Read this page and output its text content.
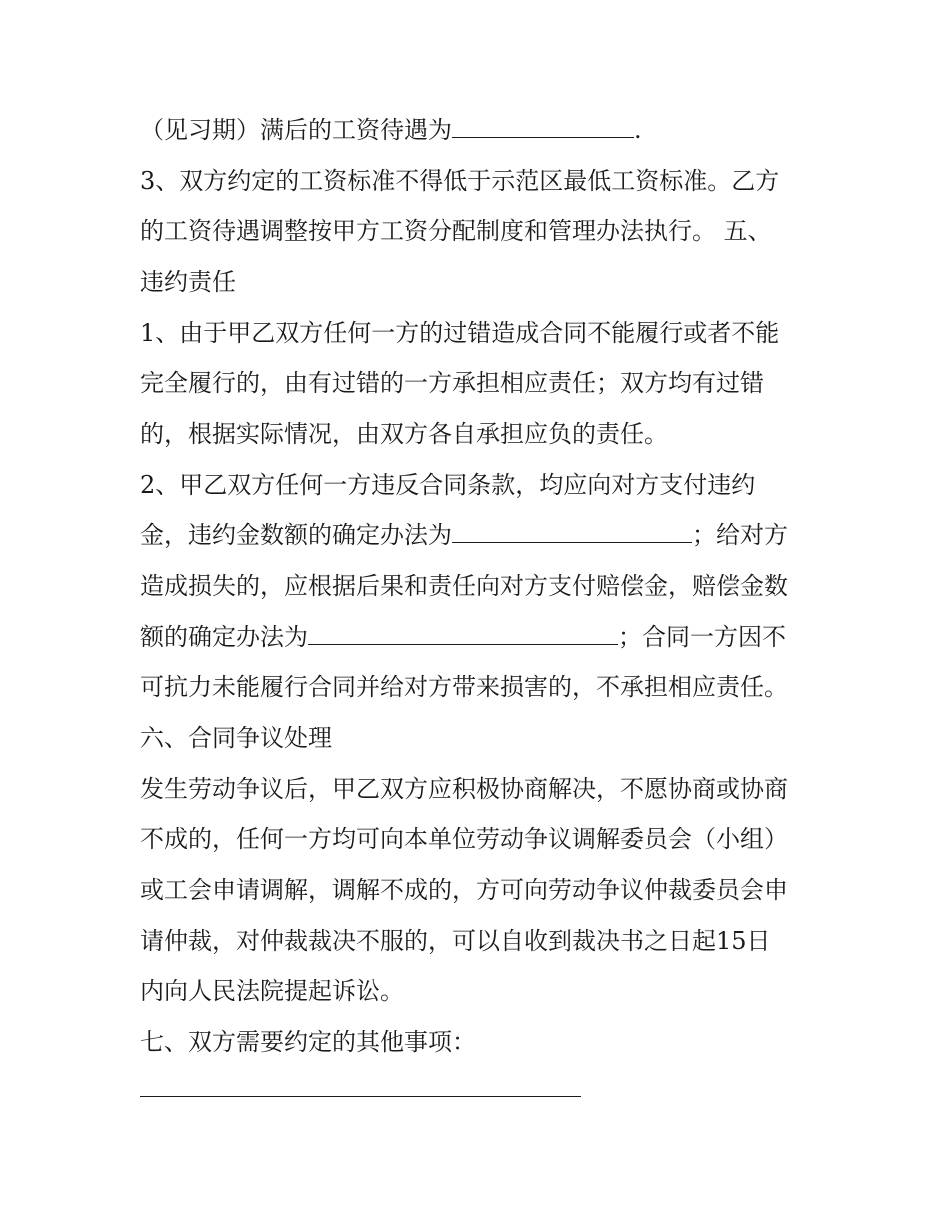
（见习期）满后的工资待遇为	.
3、双方约定的工资标准不得低于示范区最低工资标准。乙方
的工资待遇调整按甲方工资分配制度和管理办法执行。 五、
违约责任
1、由于甲乙双方任何一方的过错造成合同不能履行或者不能
完全履行的，由有过错的一方承担相应责任；双方均有过错
的，根据实际情况，由双方各自承担应负的责任。
2、甲乙双方任何一方违反合同条款，均应向对方支付违约
金，违约金数额的确定办法为	；给对方
造成损失的，应根据后果和责任向对方支付赔偿金，赔偿金数
额的确定办法为	；合同一方因不
可抗力未能履行合同并给对方带来损害的，不承担相应责任。
六、合同争议处理
发生劳动争议后，甲乙双方应积极协商解决，不愿协商或协商
不成的，任何一方均可向本单位劳动争议调解委员会（小组）
或工会申请调解，调解不成的，方可向劳动争议仲裁委员会申
请仲裁，对仲裁裁决不服的，可以自收到裁决书之日起15日
内向人民法院提起诉讼。
七、双方需要约定的其他事项：
